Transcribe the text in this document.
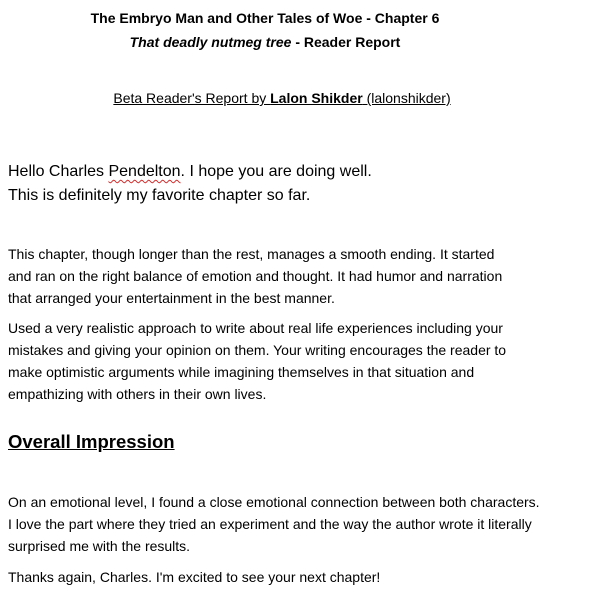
The Embryo Man and Other Tales of Woe - Chapter 6
That deadly nutmeg tree - Reader Report
Beta Reader's Report by Lalon Shikder (lalonshikder)
Hello Charles Pendelton. I hope you are doing well.
This is definitely my favorite chapter so far.
This chapter, though longer than the rest, manages a smooth ending. It started
and ran on the right balance of emotion and thought. It had humor and narration
that arranged your entertainment in the best manner.
Used a very realistic approach to write about real life experiences including your
mistakes and giving your opinion on them. Your writing encourages the reader to
make optimistic arguments while imagining themselves in that situation and
empathizing with others in their own lives.
Overall Impression
On an emotional level, I found a close emotional connection between both characters.
I love the part where they tried an experiment and the way the author wrote it literally
surprised me with the results.
Thanks again, Charles. I'm excited to see your next chapter!
